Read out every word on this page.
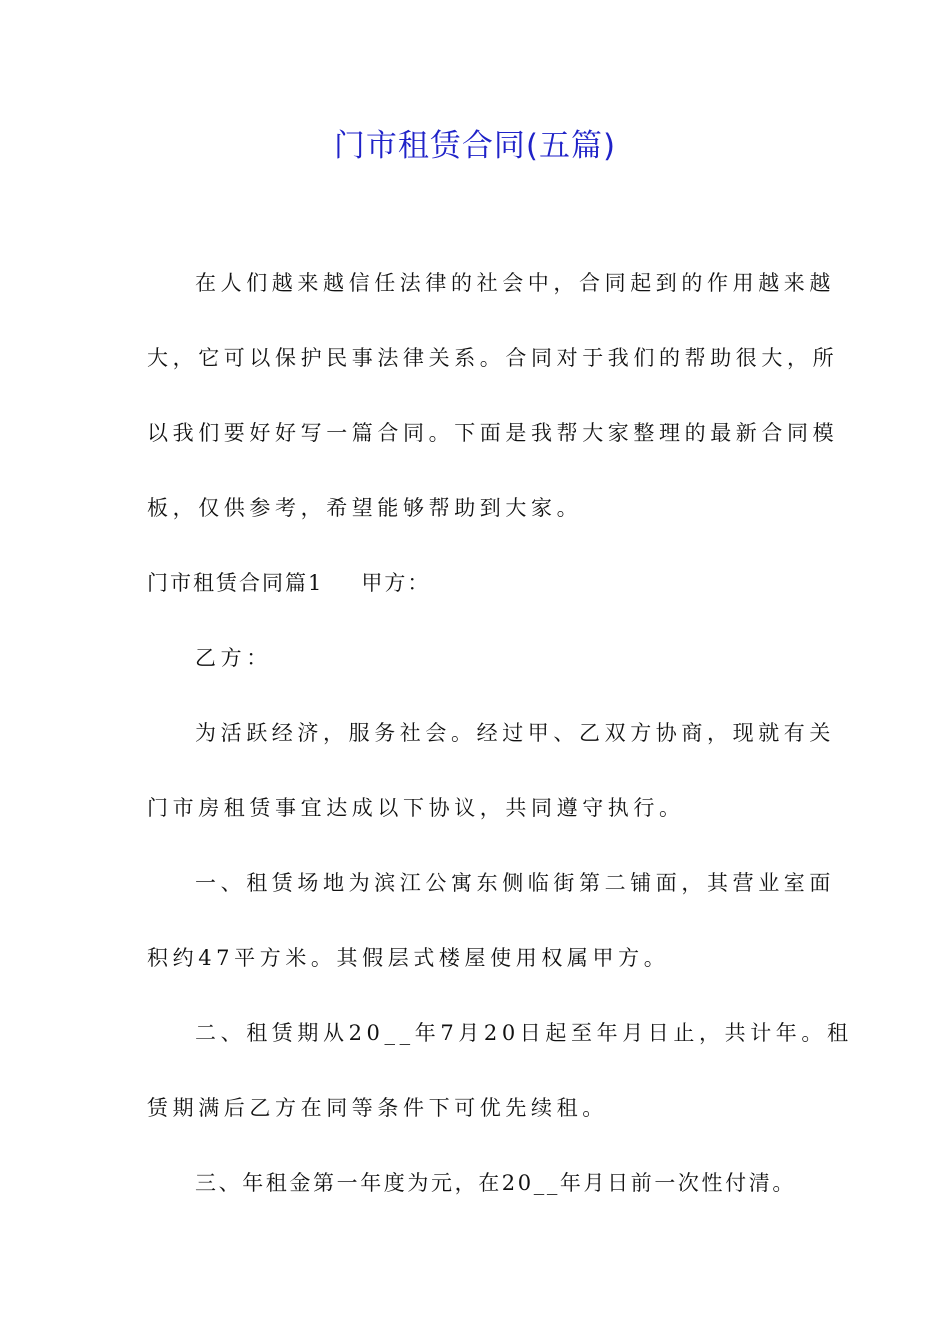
门市租赁合同(五篇)
在人们越来越信任法律的社会中，合同起到的作用越来越
大，它可以保护民事法律关系。合同对于我们的帮助很大，所
以我们要好好写一篇合同。下面是我帮大家整理的最新合同模
板，仅供参考，希望能够帮助到大家。
门市租赁合同篇1 甲方：
乙方：
为活跃经济，服务社会。经过甲、乙双方协商，现就有关
门市房租赁事宜达成以下协议，共同遵守执行。
一、租赁场地为滨江公寓东侧临街第二铺面，其营业室面
积约47平方米。其假层式楼屋使用权属甲方。
二、租赁期从20__年7月20日起至年月日止，共计年。租
赁期满后乙方在同等条件下可优先续租。
三、年租金第一年度为元，在20__年月日前一次性付清。
